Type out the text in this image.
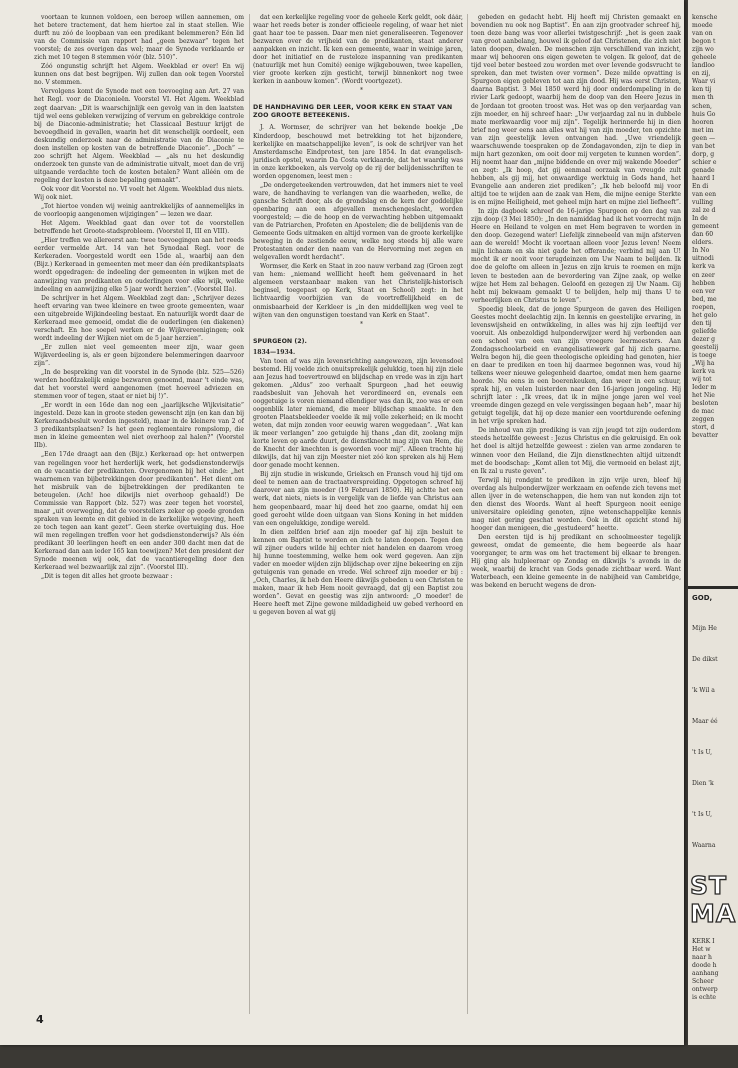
voortaan te kunnen voldoen, een beroep willen aannemen, om het betere tractement, dat hem hiertoe zal in staat stellen. Wie durft nu zóó de loopbaan van een predikant belemmeren? Eén lid van de Commissie van rapport had „geen bezwaar” tegen het voorstel; de zes overigen das wel; maar de Synode verklaarde er zich met 10 tegen 8 stemmen vóór (blz. 510)”.

Zóó ongunstig schrijft het Algem. Weekblad er over! En wij kunnen ons dat best begrijpen. Wij zullen dan ook tegen Voorstel no. V stemmen.

Vervolgens komt de Synode met een toevoeging aan Art. 27 van het Regl. voor de Diaconieën. Voorstel VI. Het Algem. Weekblad zegt daarvan: „Dit is waarschijnlijk een gevolg van in den laatsten tijd wel eens gebleken verwijzing of vervum en gebrekkige controle bij de Diaconie-administratie; het Classicaal Bestuur krijgt de bevoegdheid in gevallen, waarin het dit wenschelijk oordeelt, een deskundig onderzoek naar de administratie van de Diaconie te doen instellen op kosten van de betreffende Diaconie”. „Doch” — zoo schrijft het Algem. Weekblad — „als nu het deskundig onderzoek ten gunste van de administratie uitvalt, moet dan de vrij uitgaande verdachte toch de kosten betalen? Want alléén om de regeling der kosten is deze bepaling gemaakt”.

Ook voor dit Voorstel no. VI voelt het Algem. Weekblad dus niets. Wij ook niet.

„Tot hiertoe vonden wij weinig aantrekkelijks of aannemelijks in de voorloopig aangenomen wijzigingen” — lezen we daar.

Het Algem. Weekblad gaat dan over tot de voorstellen betreffende het Groote-stadsprobleem. (Voorstel II, III en VIII).

„Hier treffen we allereerst aan: twee toevoegingen aan het reeds eerder vermelde Art. 14 van het Synodaal Regl. voor de Kerkeraden. Voorgesteld wordt een 15de al., waarbij aan den (Bijz.) Kerkeraad in gemeenten met meer dan één predikantsplaats wordt opgedragen: de indeeling der gemeenten in wijken met de aanwijzing van predikanten en ouderlingen voor elke wijk, welke indeeling en aanwijzing elke 5 jaar wordt herzien”. (Voorstel IIa).

De schrijver in het Algem. Weekblad zegt dan: „Schrijver dezes heeft ervaring van twee kleinere en twee groote gemeenten, waar een uitgebreide Wijkindeeling bestaat. En natuurlijk wordt daar de Kerkeraad mee gemoeid, omdat die de ouderlingen (en diakenen) verschaft. En hoe soepel werken er de Wijkvereenigingen; ook wordt indeeling der Wijken niet om de 5 jaar herzien”.

„Er zullen niet veel gemeenten meer zijn, waar geen Wijkverdeeling is, als er geen bijzondere belemmeringen daarvoor zijn”.

„In de bespreking van dit voorstel in de Synode (blz. 525—526) werden hoofdzakelijk enige bezwaren genoemd, maar 't einde was, dat het voorstel werd aangenomen (met hoeveel adviezen en stemmen voor of tegen, staat er niet bij !)”.

„Er wordt in een 16de dan nog een „jaarlijksche Wijkvisitatie” ingesteld. Deze kan in groote steden gewenscht zijn (en kan dan bij Kerkeraadsbesluit worden ingesteld), maar in de kleinere van 2 of 3 predikantsplaatsen? Is het geen reglementaire rompslomp, die men in kleine gemeenten wel niet overhoop zal halen?” (Voorstel IIb).

„Een 17de draagt aan den (Bijz.) Kerkeraad op: het ontwerpen van regelingen voor het herderlijk werk, het godsdienstonderwijs en de vacantie der predikanten. Overgenomen bij het einde: „het waarnemen van bijbetrekkingen door predikanten”. Het dient om het misbruik van de bijbetrekkingen der predikanten te beteugelen. (Ach! hoe dikwijls niet overhoop gehaald!) De Commissie van Rapport (blz. 527) was zeer tegen het voorstel, maar „uit overweging, dat de voorstellers zeker op goede gronden spraken van leemte en dit gebied in de kerkelijke wetgeving, heeft ze toch tegen aan kant gezet”. Geen sterke overtuiging dus. Hoe wil men regelingen treffen voor het godsdienstonderwijs? Als één predikant 30 leerlingen heeft en een ander 300 dacht men dat de Kerkeraad dan aan ieder 165 kan toewijzen? Met den president der Synode meenen wij ook, dat de vacantieregeling door den Kerkeraad wel bezwaarlijk zal zijn”. (Voorstel III).

„Dit is tegen dit alles het groote bezwaar :

dat een kerkelijke regeling voor de geheele Kerk geldt, ook dáár, waar het reeds beter is zonder officieele regeling, of waar het niet gaat haar toe te passen. Daar men niet generaliseeren. Tegenover bezwaren over de vrijheid van de predikanten, staat anderer aanpakken en inzicht. Ik ken een gemeente, waar in weinige jaren, door het initiatief en de rusteloze inspanning van predikanten (natuurlijk met hun Comité) eenige wijkgebouwen, twee kapellen, vier groote kerken zijn gesticht, terwijl binnenkort nog twee kerken in aanbouw komen”. (Wordt voortgezet).

*

DE HANDHAVING DER LEER, VOOR KERK EN STAAT VAN ZOO GROOTE BETEEKENIS.

J. A. Wormser, de schrijver van het bekende boekje „De Kinderdoop, beschouwd met betrekking tot het bijzondere, kerkelijke en maatschappelijke leven”, is ook de schrijver van het Amsterdamsche Eindprotest, ten jare 1854. In dat evangelisch-juridisch opstel, waarin Da Costa verklaarde, dat het waardig was in onze kerkboeken, als vervolg op de rij der belijdenisschriften te worden opgenomen, leest men :

„De ondergeteekenden vertrouwden, dat het immers niet te veel ware, de handhaving te verlangen van die waarheden, welke, de gansche Schrift door, als de grondslag en de kern der goddelijke openbaring aan een afgevallen menschengeslacht, worden voorgesteld; — die de hoop en de verwachting hebben uitgemaakt van de Patriarchen, Profeten en Apostelen; die de belijdenis van de Gemeente Gods uitmaken en altijd vormen van de groote kerkelijke beweging in de zestiende eeuw, welke nog steeds bij alle ware Protestanten onder den naam van de Hervorming met zegen en welgevallen wordt herdacht”.

Wormser, die Kerk en Staat in zoo nauw verband zag (Groen zegt van hem: „niemand welllicht heeft hem geëvenaard in het algemeen verstaanbaar maken van het Christelijk-historisch beginsel, toegepast op Kerk, Staat en School) zegt: in het lichtvaardig voorbijzien van de voortreffelijkheid en de onmisbaarheid der Kerkleer is „in den middellijken weg veel te wijten van den ongunstigen toestand van Kerk en Staat”.

*

SPURGEON (2).

1834—1934.

Van toen af was zijn levensrichting aangewezen, zijn levensdoel bestemd. Hij voelde zich onuitsprekelijk gelukkig, toen hij zijn ziele aan Jezus had toevertrouwd en blijdschap en vrede was in zijn hart gekomen. „Aldus” zoo verhaalt Spurgeon „had het eeuwig raadsbesluit van Jehovah het verordineerd en, evenals een ooggetuige is voren niemand ellendiger was dan ik, zoo was er een oogenblik later niemand, die meer blijdschap smaakte. In den grooten Plaatsbekleeder voelde ik mij volle zekerheid; en ik mocht weten, dat mijn zonden voor eeuwig waren weggedaan”. „Wat kan ik meer verlangen” zoo getuigde hij thans „dan dit, zoolang mijn korte leven op aarde duurt, de dienstknecht mag zijn van Hem, die de Knecht der knechten is geworden voor mij”. Alleen trachte hij dikwijls, dat hij van zijn Meester niet zóó kon spreken als hij Hem door genade mocht kennen.

Bij zijn studie in wiskunde, Grieksch en Fransch voud hij tijd om deel te nemen aan de tractaatverspreiding. Opgetogen schreef hij daarover aan zijn moeder (19 Februari 1850). Hij achtte het een werk, dat niets, niets is in vergelijk van de liefde van Christus aan hem geopenbaard, maar hij deed het zoo gaarne, omdat hij een goed geroeht wilde doen uitgaan van Sions Koning in het midden van een ongelukkige, zondige wereld.

In dien zelfden brief aan zijn moeder gaf hij zijn besluit te kennen om Baptist te worden en zich te laten doopen. Tegen den wil zijner ouders wilde hij echter niet handelen en daarom vroeg hij hunne toestemming, welke hem ook werd gegeven. Aan zijn vader en moeder wijden zijn blijdschap over zijne bekeering en zijn getuigenis van genade en vrede. Wel schreef zijn moeder er bij : „Och, Charles, ik heb den Heere dikwijls gebeden u een Christen te maken, maar ik heb Hem nooit gevraagd, dat gij een Baptist zou worden”. Gevat en geestig was zijn antwoord: „O moeder! de Heere heeft met Zijne gewone mildadigheid uw gebed verhoord en u gegeven boven al wat gij

gebeden en gedacht hebt. Hij heeft mij Christen gemaakt en bovendien nu ook nog Baptist”. En aan zijn grootvader schreef hij, toen deze bang was voor allerlei twistgeschrijf: „het is geen zaak van groot aanbelang, houwel ik geloof dat Christenen, die zich niet laten doopen, dwalen. De menschen zijn verschillend van inzicht, maar wij behooren ons eigen geweten te volgen. Ik geloof, dat de tijd veel beter besteed zou worden met over levende godsvrucht te spreken, dan met twisten over vormen”. Deze milde opvatting is Spurgeon eigen gebleven tot aan zijn dood. Hij was eerst Christen, daarna Baptist. 3 Mei 1850 werd hij door onderdompeling in de rivier Lark gedoopt, waarbij hem de doop van den Heere Jezus in de Jordaan tot grooten troost was. Het was op den verjaardag van zijn moeder, en hij schreef haar: „Uw verjaardag zal nu in dubbele mate merkwaardig voor mij zijn”. Tegelijk herinnerde hij in dien brief nog weer eens aan alles wat hij van zijn moeder, ten opzichte van zijn geestelijk leven ontvangen had. „Uwe vriendelijk waarschuwende toespraken op de Zondagavonden, zijn te diep in mijn hart gezonken, om ooit door mij vergeten te kunnen worden”. Hij noemt haar dan „mijne biddende en over mij wakende Moeder” en zegt: „Ik hoop, dat gij eenmaal oorzaak van vreugde zult hebben, als gij mij, het onwaardige werktuig in Gods hand, het Evangelie aan anderen ziet prediken”; „Ik heb beloofd mij voor altijd toe te wijden aan de zaak van Hem, die mijne eenige Sterkte is en mijne Heiligheid, met geheel mijn hart en mijne ziel liefheeft”.

In zijn dagboek schreef de 16-jarige Spurgeon op den dag van zijn doop (3 Mei 1850): „In den namiddag had ik het voorrecht mijn Heere en Heiland te volgen en met Hem begraven te worden in den doop. Gezegend water! Liefelijk zinnebeeld van mijn afsterven aan de wereld! Mocht ik voortaan alleen voor Jezus leven! Neem mijn lichaam en sla niet gade het offerande; verbind mij aan U! mocht ik er nooit voor terugdeinzen om Uw Naam te belijden. Ik doe de gelofte om alleen in Jezus en zijn kruis te roemen en mijn leven te besteden aan de bevordering van Zijne zaak, op welke wijze het Hem zal behagen. Geloofd en gezegen zij Uw Naam. Gij hebt mij bekwaam gemaakt U te belijden, help mij thans U te verheerlijken en Christus te leven”.

Spoedig bleek, dat de jonge Spurgeon de gaven des Heiligen Geestes mocht deelachtig zijn. In kennis en geestelijke ervaring, in levenswijsheid en ontwikkeling, in alles was hij zijn leeftijd ver vooruit. Als onbezoldigd hulponderwijzer werd hij verbonden aan een school van een van zijn vroegere leermeesters. Aan Zondagsschoolarbeid en evangelisatiewerk gaf hij zich gaarne. Welra begon hij, die geen theologische opleiding had genoten, hier en daar te prediken en toen hij daarmee begonnen was, voud hij telkens weer nieuwe gelegenheid daartoe, omdat men hem gaarne hoorde. Nu eens in een boerenkeuken, dan weer in een schuur, sprak hij, en velen luisterden naar den 16-jarigen jongeling. Hij schrijft later : „Ik vrees, dat ik in mijne jonge jaren wel veel vreemde dingen gezegd en vele vergissingen begaan heb”, maar hij getuigt tegelijk, dat hij op deze manier een voortdurende oefening in het vrije spreken had.

De inhoud van zijn prediking is van zijn jeugd tot zijn ouderdom steeds hetzelfde geweest : Jezus Christus en die gekruisigd. En ook het doel is altijd hetzelfde geweest : zielen van arme zondaren te winnen voor den Heiland, die Zijn dienstknechten altijd uitzendt met de boodschap: „Komt allen tot Mij, die vermoeid en belast zijt, en Ik zal u ruste geven”.

Terwijl hij rondgint te prediken in zijn vrije uren, bleef hij overdag als hulponderwijzer werkzaam en oefende zich tevens met allen ijver in de wetenschappen, die hem van nut konden zijn tot den dienst des Woords. Want al heeft Spurgeon nooit eenige universitaire opleiding genoten, zijne wetenschappelijke kennis mag niet gering geschat worden. Ook in dit opzicht stond hij hooger dan menigeen, die „gestudeerd” heette.

Den eersten tijd is hij predikant en schoolmeester tegelijk geweest, omdat de gemeente, die hem begeerde als haar voorganger, te arm was om het tractement bij elkaar te brengen. Hij ging als hulpleeraar op Zondag en dikwijls 's avonds in de week, waarbij de kracht van Gods genade zichtbaar werd. Want Waterbeach, een kleine gemeente in de nabijheid van Cambridge, was bekend en berucht wegens de dron-

4
kensche
moede
van on
begon t
zijn wo
geheele
landloo
en zij,
Waar vi
ken tij
men th
schen,
huis Go
hooren
met im
geen —
van bet
dorp, g
schier e
genade
haard I
En di
van een
vulling
zal ze d
In de
gemeent
dan 60
elders.
In No
uitnodi
kerk va
en zeer
hebben
een ver
bed, me
roepen,
het gelo
den tij
geliefde
dezer g
geestelij
is toege
„Wij ha
kerk va
wij tot
Ieder m
het Nie
besloten
de mac
zeggen
stort, d
bevatter
GOD,
Mijn He
De dikst
'k Wil a
Maar éé
't Is U,
Dien 'k
't Is U,
Waarna
ST
MA
KERK I
Het w
naar h
doode h
aanhang
Scheer
ontwerp
is echte
